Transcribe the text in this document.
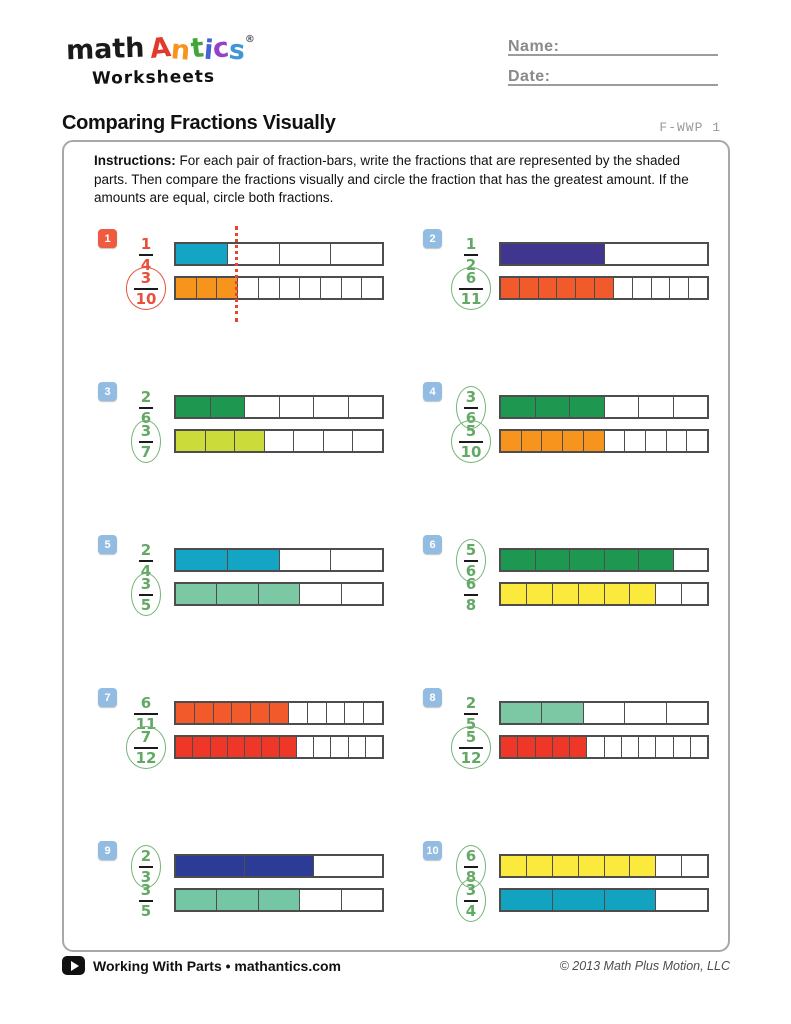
math Antics®
Worksheets
Name:
Date:
Comparing Fractions Visually	F-WWP 1
Instructions: For each pair of fraction-bars, write the fractions that are represented by the shaded parts. Then compare the fractions visually and circle the fraction that has the greatest amount. If the amounts are equal, circle both fractions.
1	$\frac{1}{4}$
$\frac{3}{10}$
2	$\frac{1}{2}$
$\frac{6}{11}$
3	$\frac{2}{6}$
$\frac{3}{7}$
4	$\frac{3}{6}$
$\frac{5}{10}$
5	$\frac{2}{4}$
$\frac{3}{5}$
6	$\frac{5}{6}$
$\frac{6}{8}$
7	$\frac{6}{11}$
$\frac{7}{12}$
8	$\frac{2}{5}$
$\frac{5}{12}$
9	$\frac{2}{3}$
$\frac{3}{5}$
$10 \frac{6}{8}$
$\frac{3}{4}$
Working With Parts • mathantics.com	© 2013 Math Plus Motion, LLC
